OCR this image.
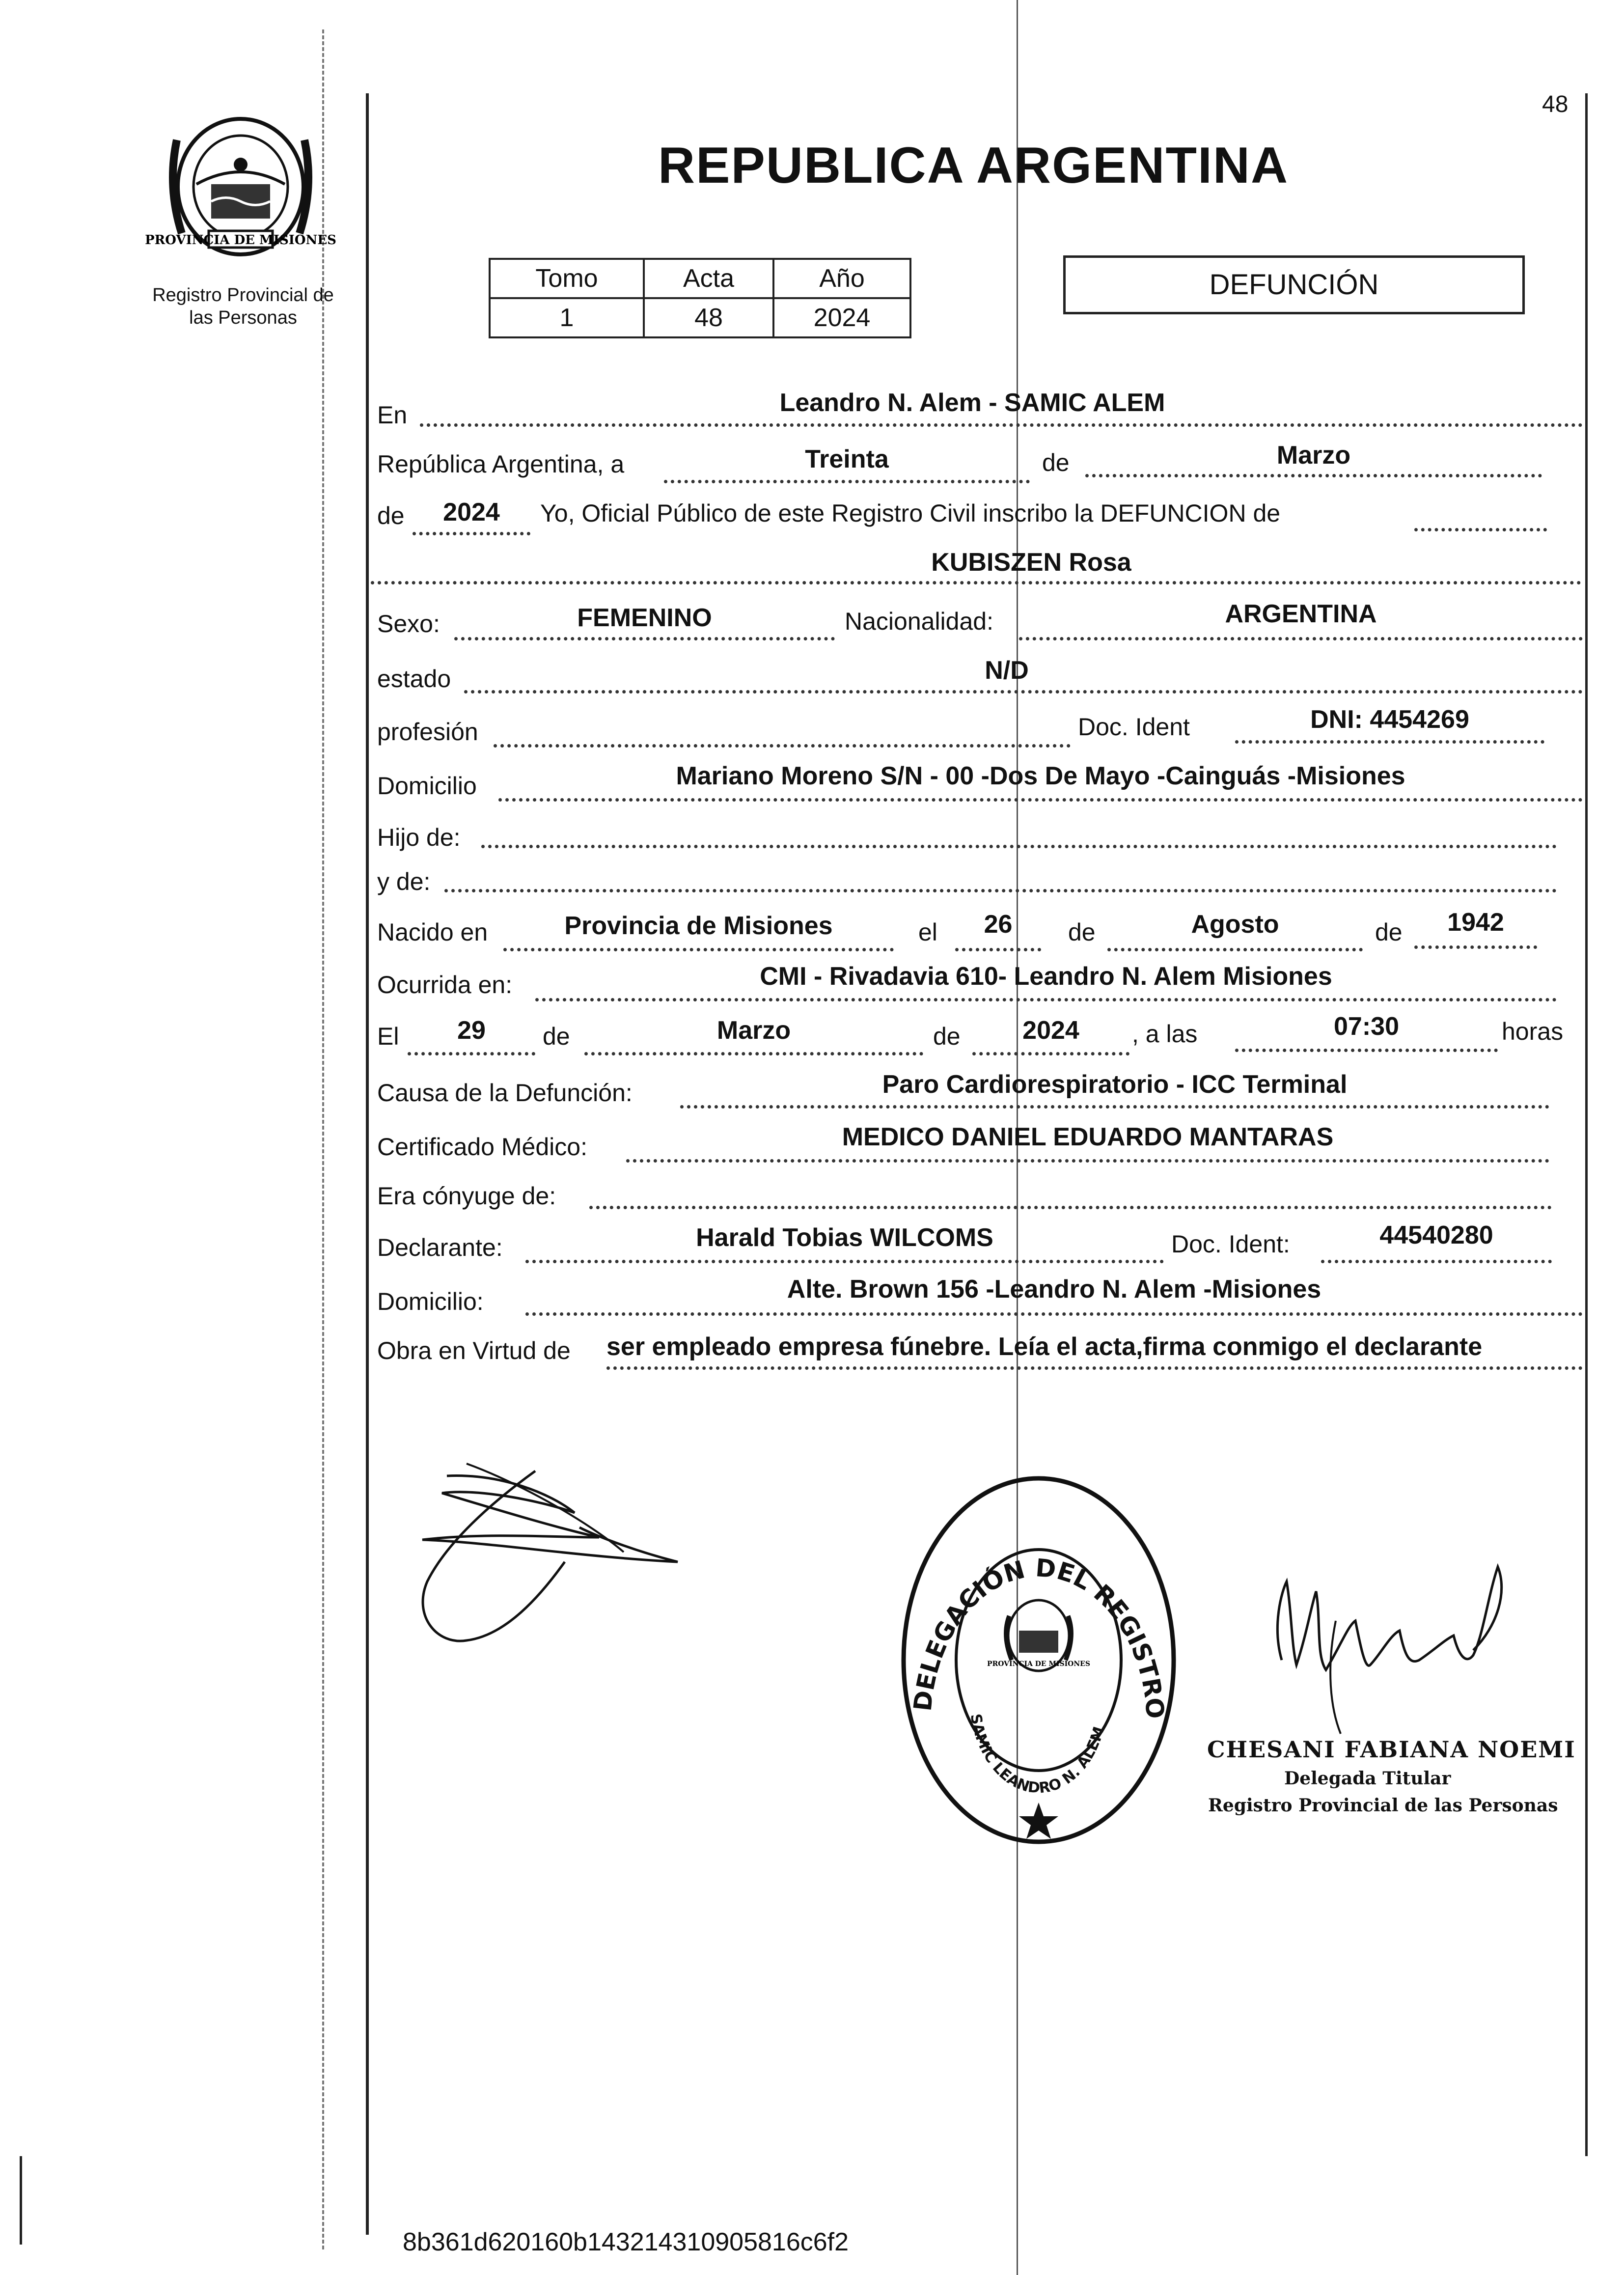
48
PROVINCIA DE MISIONES
Registro Provincial de
las Personas
REPUBLICA ARGENTINA
Tomo	Acta	Año
1	48	2024
DEFUNCIÓN
En	Leandro N. Alem - SAMIC ALEM
República Argentina, a	Treinta	de	Marzo
de	2024	Yo, Oficial Público de este Registro Civil inscribo la DEFUNCION de
KUBISZEN Rosa
Sexo:	FEMENINO	Nacionalidad:	ARGENTINA
estado	N/D
profesión	Doc. Ident	DNI: 4454269
Domicilio	Mariano Moreno S/N - 00 -Dos De Mayo -Cainguás -Misiones
Hijo de:
y de:
Nacido en	Provincia de Misiones	el	26	de	Agosto	de	1942
Ocurrida en:	CMI - Rivadavia 610- Leandro N. Alem Misiones
El	29	de	Marzo	de	2024	, a las	07:30	horas
Causa de la Defunción:	Paro Cardiorespiratorio - ICC Terminal
Certificado Médico:	MEDICO DANIEL EDUARDO MANTARAS
Era cónyuge de:
Declarante:	Harald Tobias WILCOMS	Doc. Ident:	44540280
Domicilio:	Alte. Brown 156 -Leandro N. Alem -Misiones
Obra en Virtud de ser empleado empresa fúnebre. Leía el acta,firma conmigo el declarante
DELEGACIÓN DEL REGISTRO
SAMIC LEANDRO N. ALEM
PROVINCIA DE MISIONES
CHESANI FABIANA NOEMI
Delegada Titular
Registro Provincial de las Personas
8b361d620160b143214310905816c6f2
